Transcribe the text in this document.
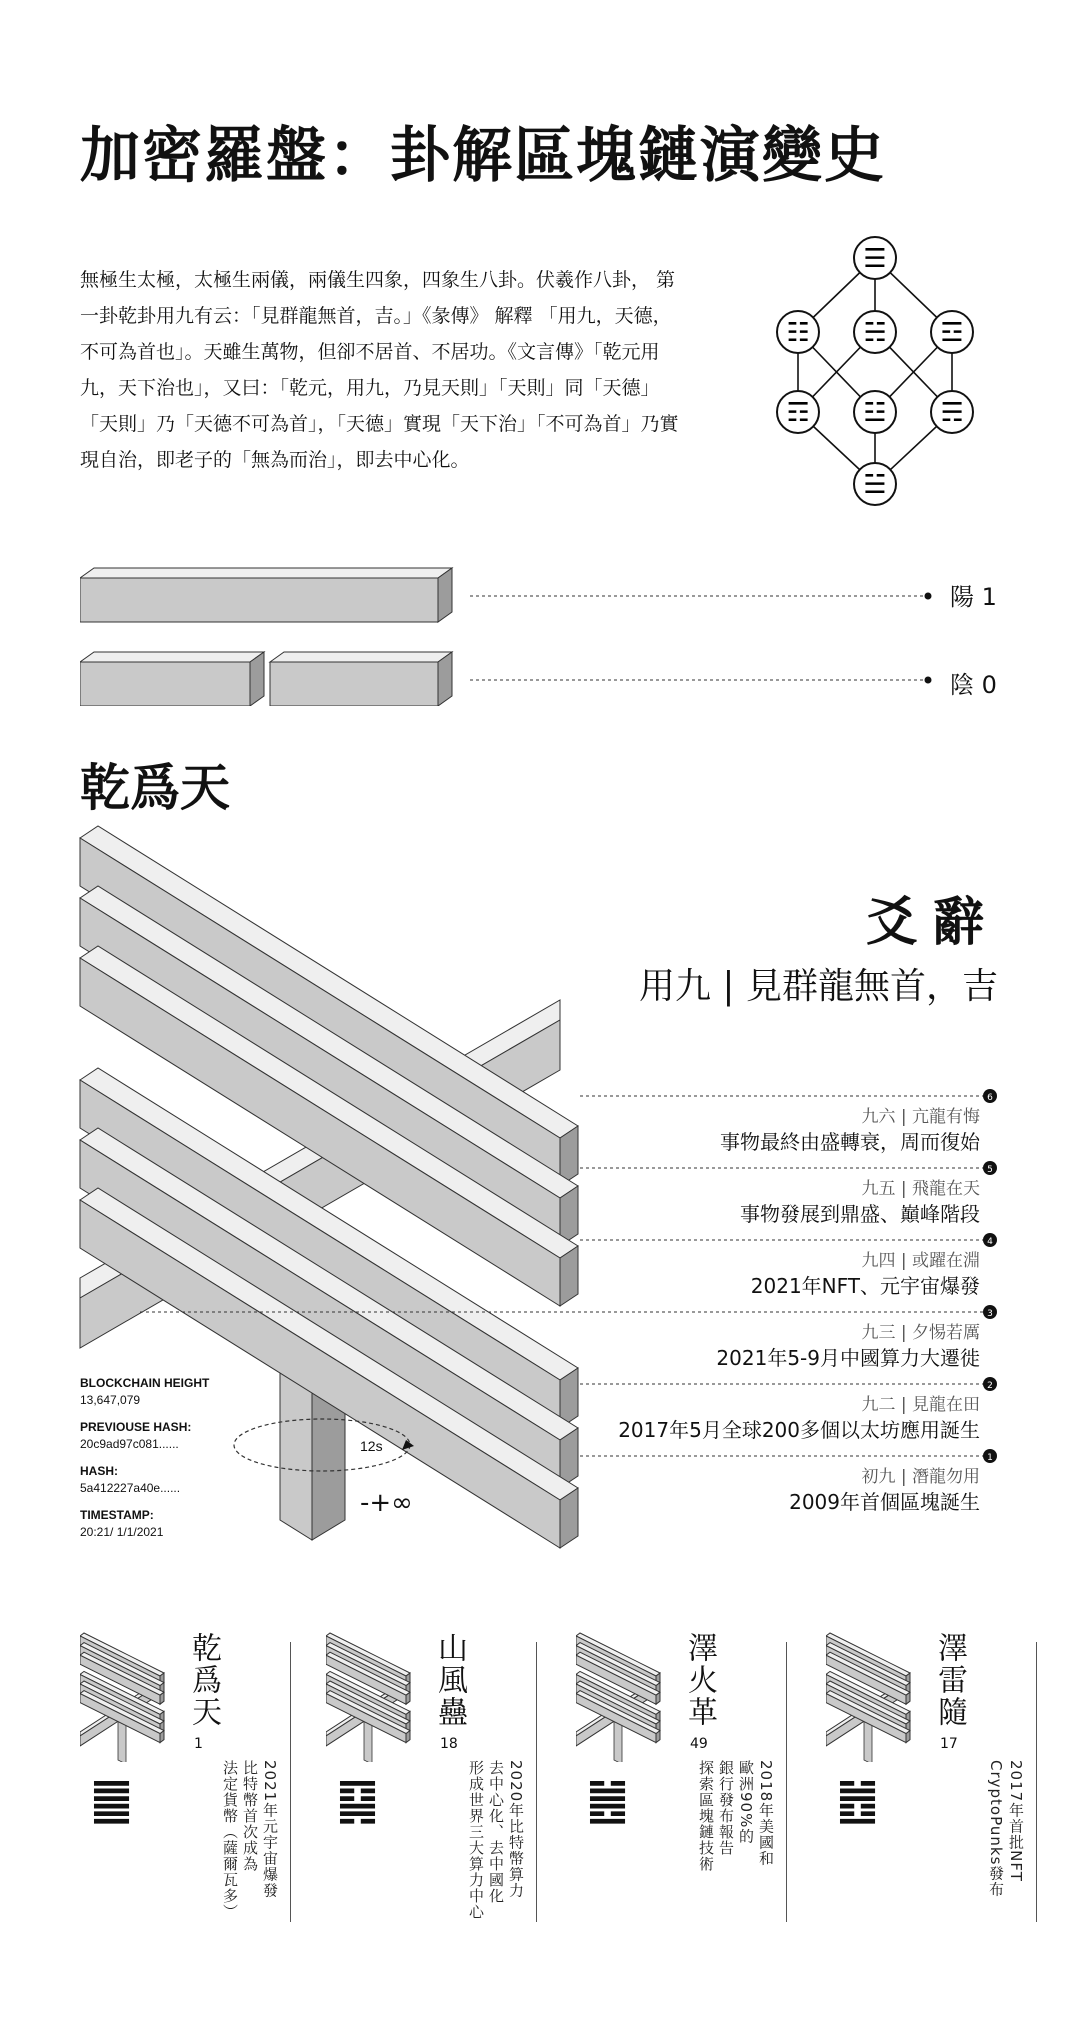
加密羅盤：卦解區塊鏈演變史
無極生太極，太極生兩儀，兩儀生四象，四象生八卦。伏羲作八卦， 第
一卦乾卦用九有云：「見群龍無首，吉。」《彖傳》 解釋 「用九，天德，
不可為首也」。天雖生萬物，但卻不居首、不居功。《文言傳》「乾元用
九，天下治也」，又曰：「乾元，用九，乃見天則」「天則」同「天德」
「天則」乃「天德不可為首」，「天德」實現「天下治」「不可為首」乃實
現自治，即老子的「無為而治」，即去中心化。
☰
☷ ☵ ☲
☶ ☳ ☴
☱
陽 1
陰 0
乾爲天
6
5
4
3
2
1
爻辭
用九 | 見群龍無首，吉
九六 | 亢龍有悔
事物最終由盛轉衰，周而復始
九五 | 飛龍在天
事物發展到鼎盛、巔峰階段
九四 | 或躍在淵
2021年NFT、元宇宙爆發
九三 | 夕惕若厲
2021年5-9月中國算力大遷徙
九二 | 見龍在田
2017年5月全球200多個以太坊應用誕生
初九 | 潛龍勿用
2009年首個區塊誕生
BLOCKCHAIN HEIGHT
13,647,079
PREVIOUSE HASH:
20c9ad97c081......
HASH:
5a412227a40e......
TIMESTAMP:
20:21/ 1/1/2021
12s
-+∞
䷀
乾爲天
1
2021年元宇宙爆發
比特幣首次成為
法定貨幣（薩爾瓦多） ䷑
山風蠱
18
2020年比特幣算力
去中心化、去中國化
形成世界三大算力中心 ䷰
澤火革
49
2018年美國和
歐洲90%的
銀行發布報告
探索區塊鏈技術	䷐
澤雷隨
17
2017年首批NFT
CryptoPunks發布
